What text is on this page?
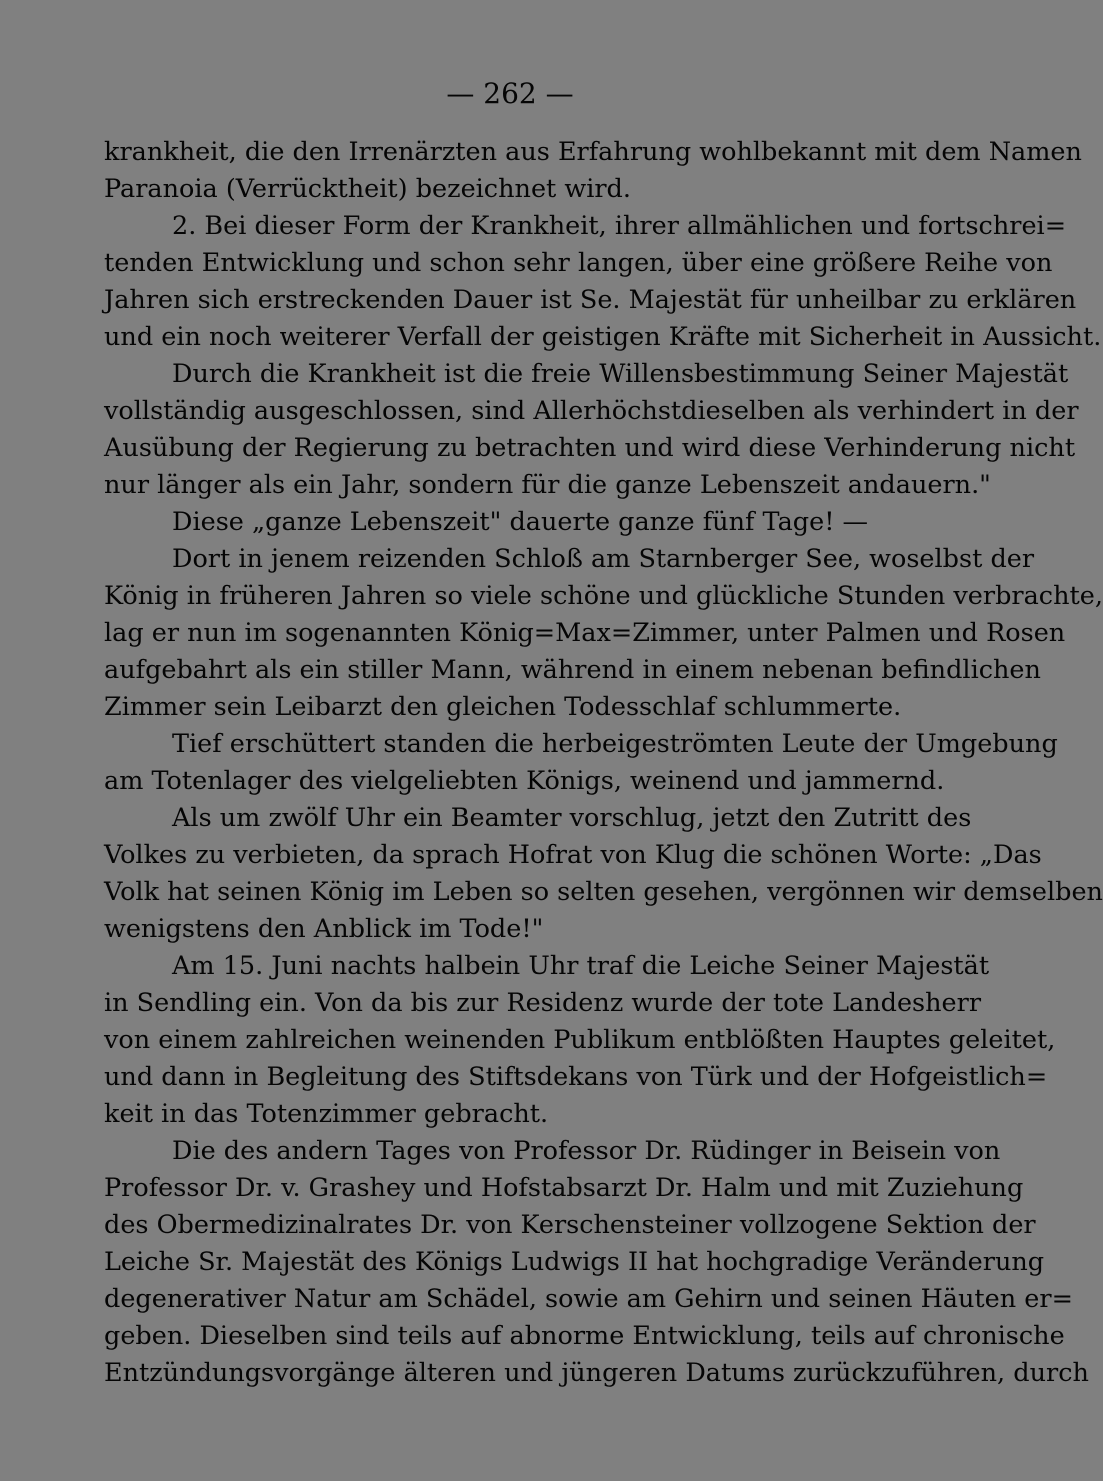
— 262 —
krankheit, die den Irrenärzten aus Erfahrung wohlbekannt mit dem Namen
Paranoia (Verrücktheit) bezeichnet wird.
2. Bei dieser Form der Krankheit, ihrer allmählichen und fortschrei=
tenden Entwicklung und schon sehr langen, über eine größere Reihe von
Jahren sich erstreckenden Dauer ist Se. Majestät für unheilbar zu erklären
und ein noch weiterer Verfall der geistigen Kräfte mit Sicherheit in Aussicht.
Durch die Krankheit ist die freie Willensbestimmung Seiner Majestät
vollständig ausgeschlossen, sind Allerhöchstdieselben als verhindert in der
Ausübung der Regierung zu betrachten und wird diese Verhinderung nicht
nur länger als ein Jahr, sondern für die ganze Lebenszeit andauern."
Diese „ganze Lebenszeit" dauerte ganze fünf Tage! —
Dort in jenem reizenden Schloß am Starnberger See, woselbst der
König in früheren Jahren so viele schöne und glückliche Stunden verbrachte,
lag er nun im sogenannten König=Max=Zimmer, unter Palmen und Rosen
aufgebahrt als ein stiller Mann, während in einem nebenan befindlichen
Zimmer sein Leibarzt den gleichen Todesschlaf schlummerte.
Tief erschüttert standen die herbeigeströmten Leute der Umgebung
am Totenlager des vielgeliebten Königs, weinend und jammernd.
Als um zwölf Uhr ein Beamter vorschlug, jetzt den Zutritt des
Volkes zu verbieten, da sprach Hofrat von Klug die schönen Worte: „Das
Volk hat seinen König im Leben so selten gesehen, vergönnen wir demselben
wenigstens den Anblick im Tode!"
Am 15. Juni nachts halbein Uhr traf die Leiche Seiner Majestät
in Sendling ein. Von da bis zur Residenz wurde der tote Landesherr
von einem zahlreichen weinenden Publikum entblößten Hauptes geleitet,
und dann in Begleitung des Stiftsdekans von Türk und der Hofgeistlich=
keit in das Totenzimmer gebracht.
Die des andern Tages von Professor Dr. Rüdinger in Beisein von
Professor Dr. v. Grashey und Hofstabsarzt Dr. Halm und mit Zuziehung
des Obermedizinalrates Dr. von Kerschensteiner vollzogene Sektion der
Leiche Sr. Majestät des Königs Ludwigs II hat hochgradige Veränderung
degenerativer Natur am Schädel, sowie am Gehirn und seinen Häuten er=
geben. Dieselben sind teils auf abnorme Entwicklung, teils auf chronische
Entzündungsvorgänge älteren und jüngeren Datums zurückzuführen, durch
